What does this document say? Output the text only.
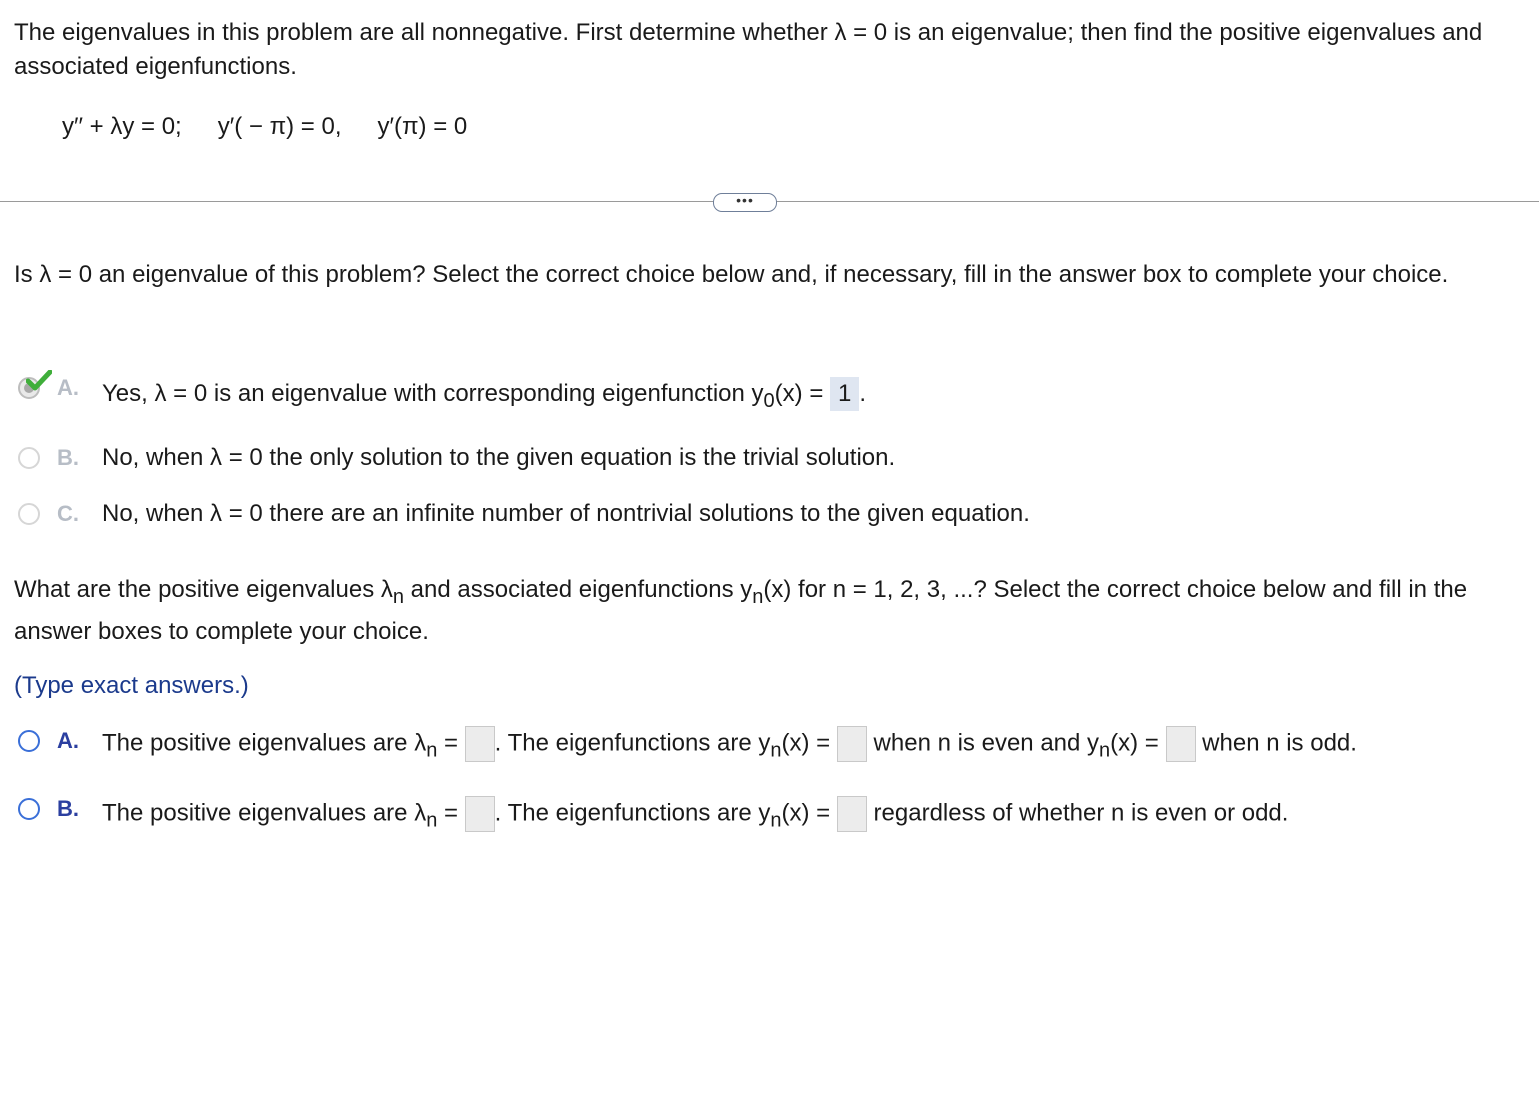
The eigenvalues in this problem are all nonnegative. First determine whether λ = 0 is an eigenvalue; then find the positive eigenvalues and associated eigenfunctions.
y′′ + λy = 0; y′( − π) = 0, y′(π) = 0
•••
Is λ = 0 an eigenvalue of this problem? Select the correct choice below and, if necessary, fill in the answer box to complete your choice.
A. Yes, λ = 0 is an eigenvalue with corresponding eigenfunction $y_0(x) = 1$ .
B. No, when λ = 0 the only solution to the given equation is the trivial solution.
C. No, when λ = 0 there are an infinite number of nontrivial solutions to the given equation.
What are the positive eigenvalues $\lambda_n$ and associated eigenfunctions $y_n(x)$ for n = 1, 2, 3, ...? Select the correct choice below and fill in the answer boxes to complete your choice.
(Type exact answers.)
A. The positive eigenvalues are $\lambda_n$ = . The eigenfunctions are $y_n(x)$ =  when n is even and $y_n(x)$ =  when n is odd.
B. The positive eigenvalues are $\lambda_n$ = . The eigenfunctions are $y_n(x)$ =  regardless of whether n is even or odd.
